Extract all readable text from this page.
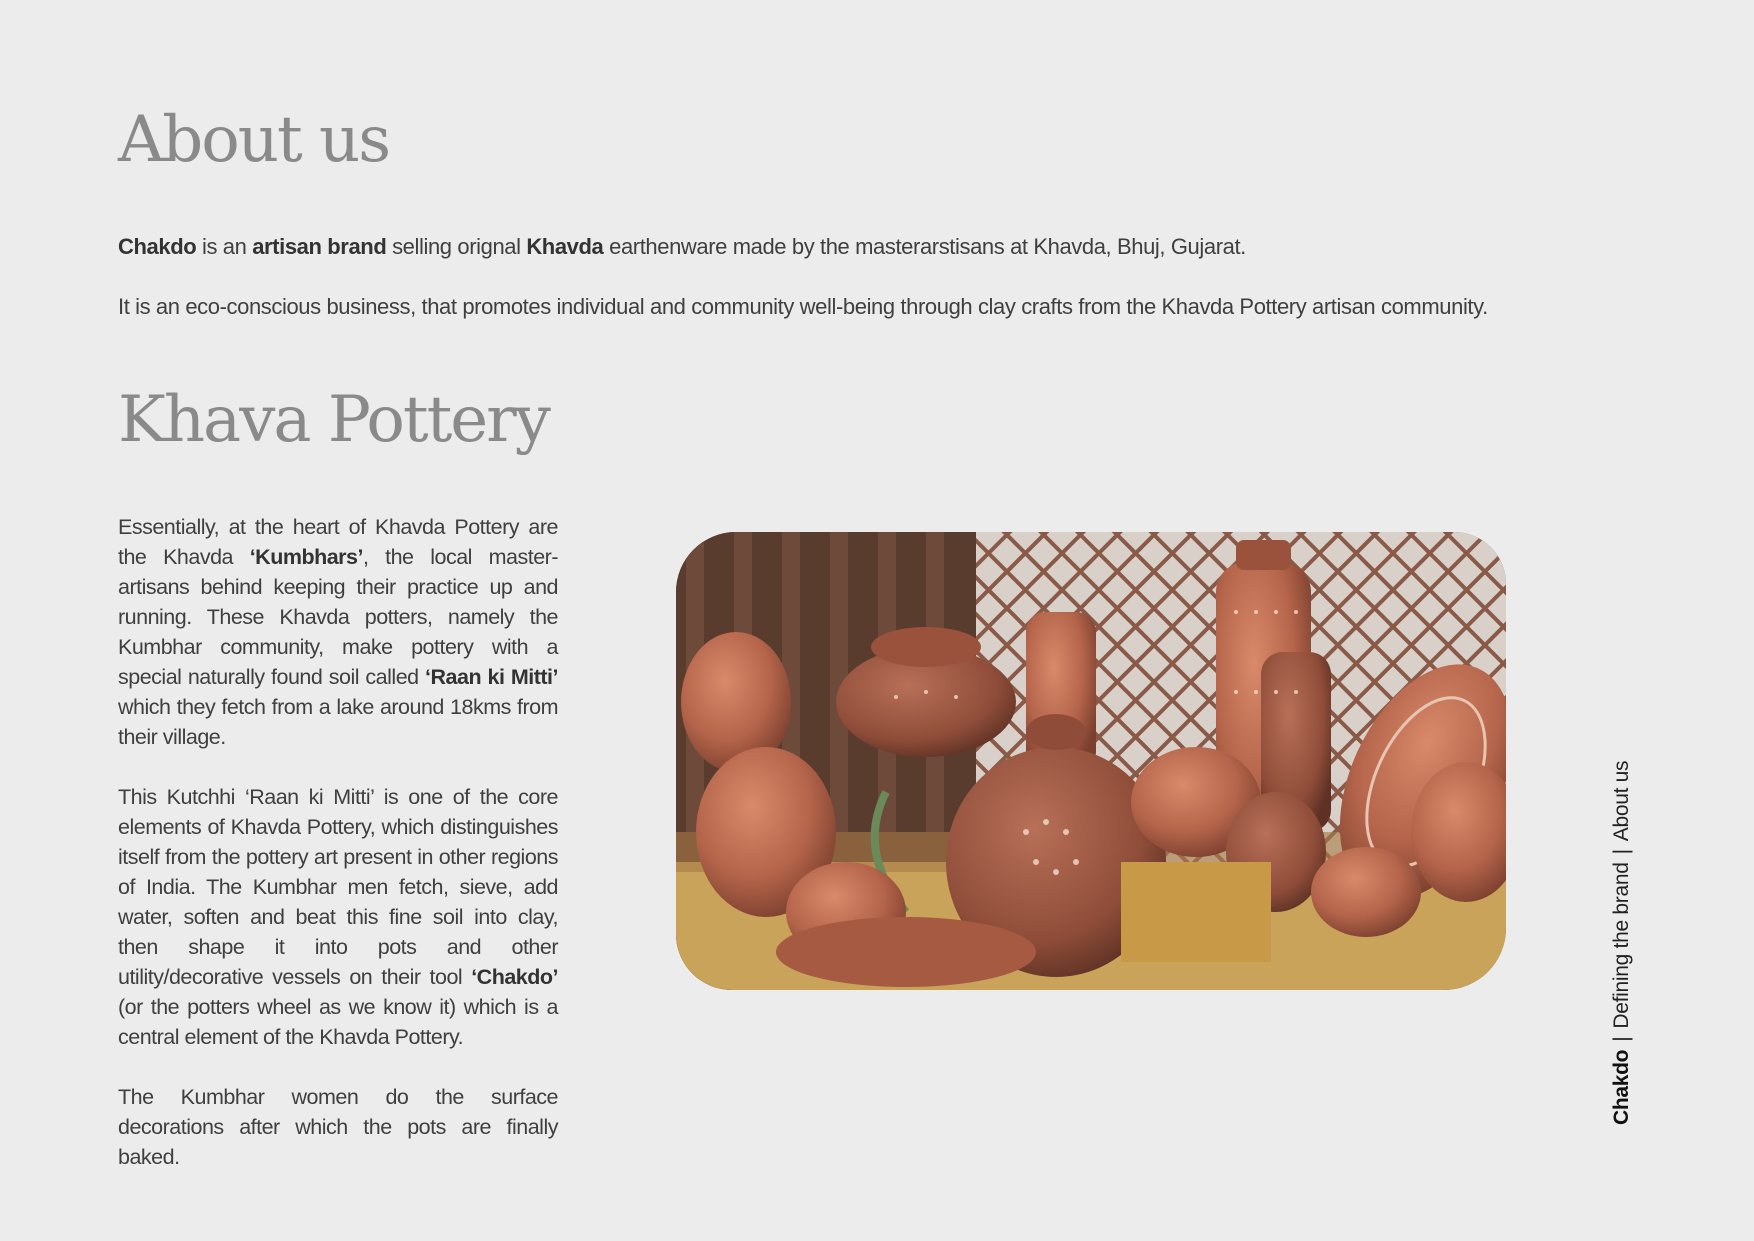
About us

Chakdo is an artisan brand selling orignal Khavda earthenware made by the masterarstisans at Khavda, Bhuj, Gujarat.

It is an eco-conscious business, that promotes individual and community well-being through clay crafts from the Khavda Pottery artisan community.

Khava Pottery

Essentially, at the heart of Khavda Pottery are the Khavda ‘Kumbhars’, the local master-artisans behind keeping their practice up and running. These Khavda potters, namely the Kumbhar community, make pottery with a special naturally found soil called ‘Raan ki Mitti’ which they fetch from a lake around 18kms from their village.

This Kutchhi ‘Raan ki Mitti’ is one of the core elements of Khavda Pottery, which distinguishes itself from the pottery art present in other regions of India. The Kumbhar men fetch, sieve, add water, soften and beat this fine soil into clay, then shape it into pots and other utility/decorative vessels on their tool ‘Chakdo’ (or the potters wheel as we know it) which is a central element of the Khavda Pottery.

The Kumbhar women do the surface decorations after which the pots are finally baked.

Chakdo|Defining the brand|About us
